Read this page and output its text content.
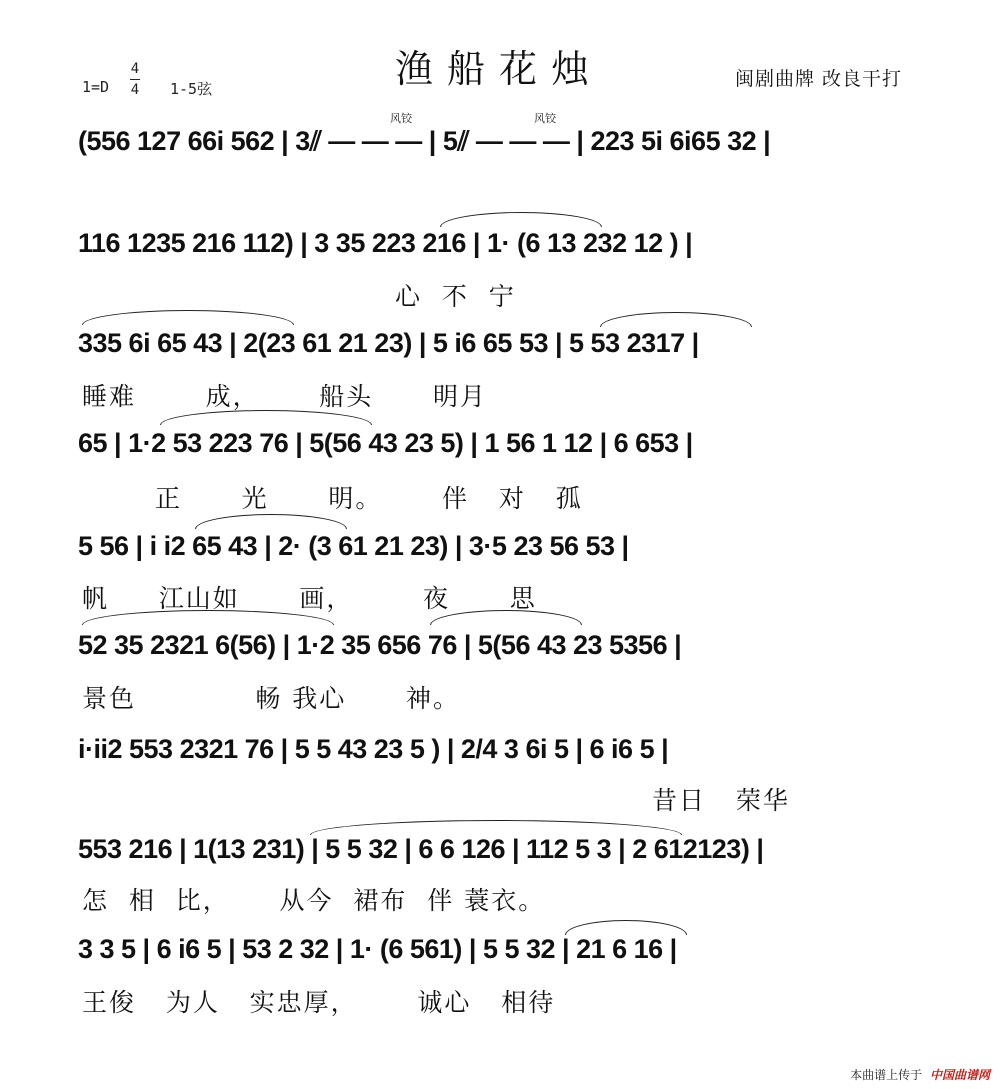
渔船花烛	闽剧曲牌 改良干打
1=D
4
4 1-5弦
风铰	风铰
(556 127 66i 562 | 3⫽ — — — | 5⫽ — — — | 223 5i 6i65 32 |
116 1235 216 112) | 3 35 223 216 | 1· (6 13 232 12 ) |
心  不  宁
335 6i 65 43 | 2(23 61 21 23) | 5 i6 65 53 | 5 53 2317 |
睡难       成，      船头      明月
65 | 1·2 53 223 76 | 5(56 43 23 5) | 1 56 1 12 | 6 653 |
正      光      明。      伴   对   孤
5 56 | i i2 65 43 | 2· (3 61 21 23) | 3·5 23 56 53 |
帆     江山如      画，       夜      思
52 35 2321 6(56) | 1·2 35 656 76 | 5(56 43 23 5356 |
景色            畅 我心      神。
i·ii2 553 2321 76 | 5 5 43 23 5 ) | 2/4 3 6i 5 | 6 i6 5 |
昔日   荣华
553 216 | 1(13 231) | 5 5 32 | 6 6 126 | 112 5 3 | 2 612123) |
怎  相  比，     从今  裙布  伴 蓑衣。
3 3 5 | 6 i6 5 | 53 2 32 | 1· (6 561) | 5 5 32 | 21 6 16 |
王俊   为人   实忠厚，      诚心   相待
本曲谱上传于 中国曲谱网
